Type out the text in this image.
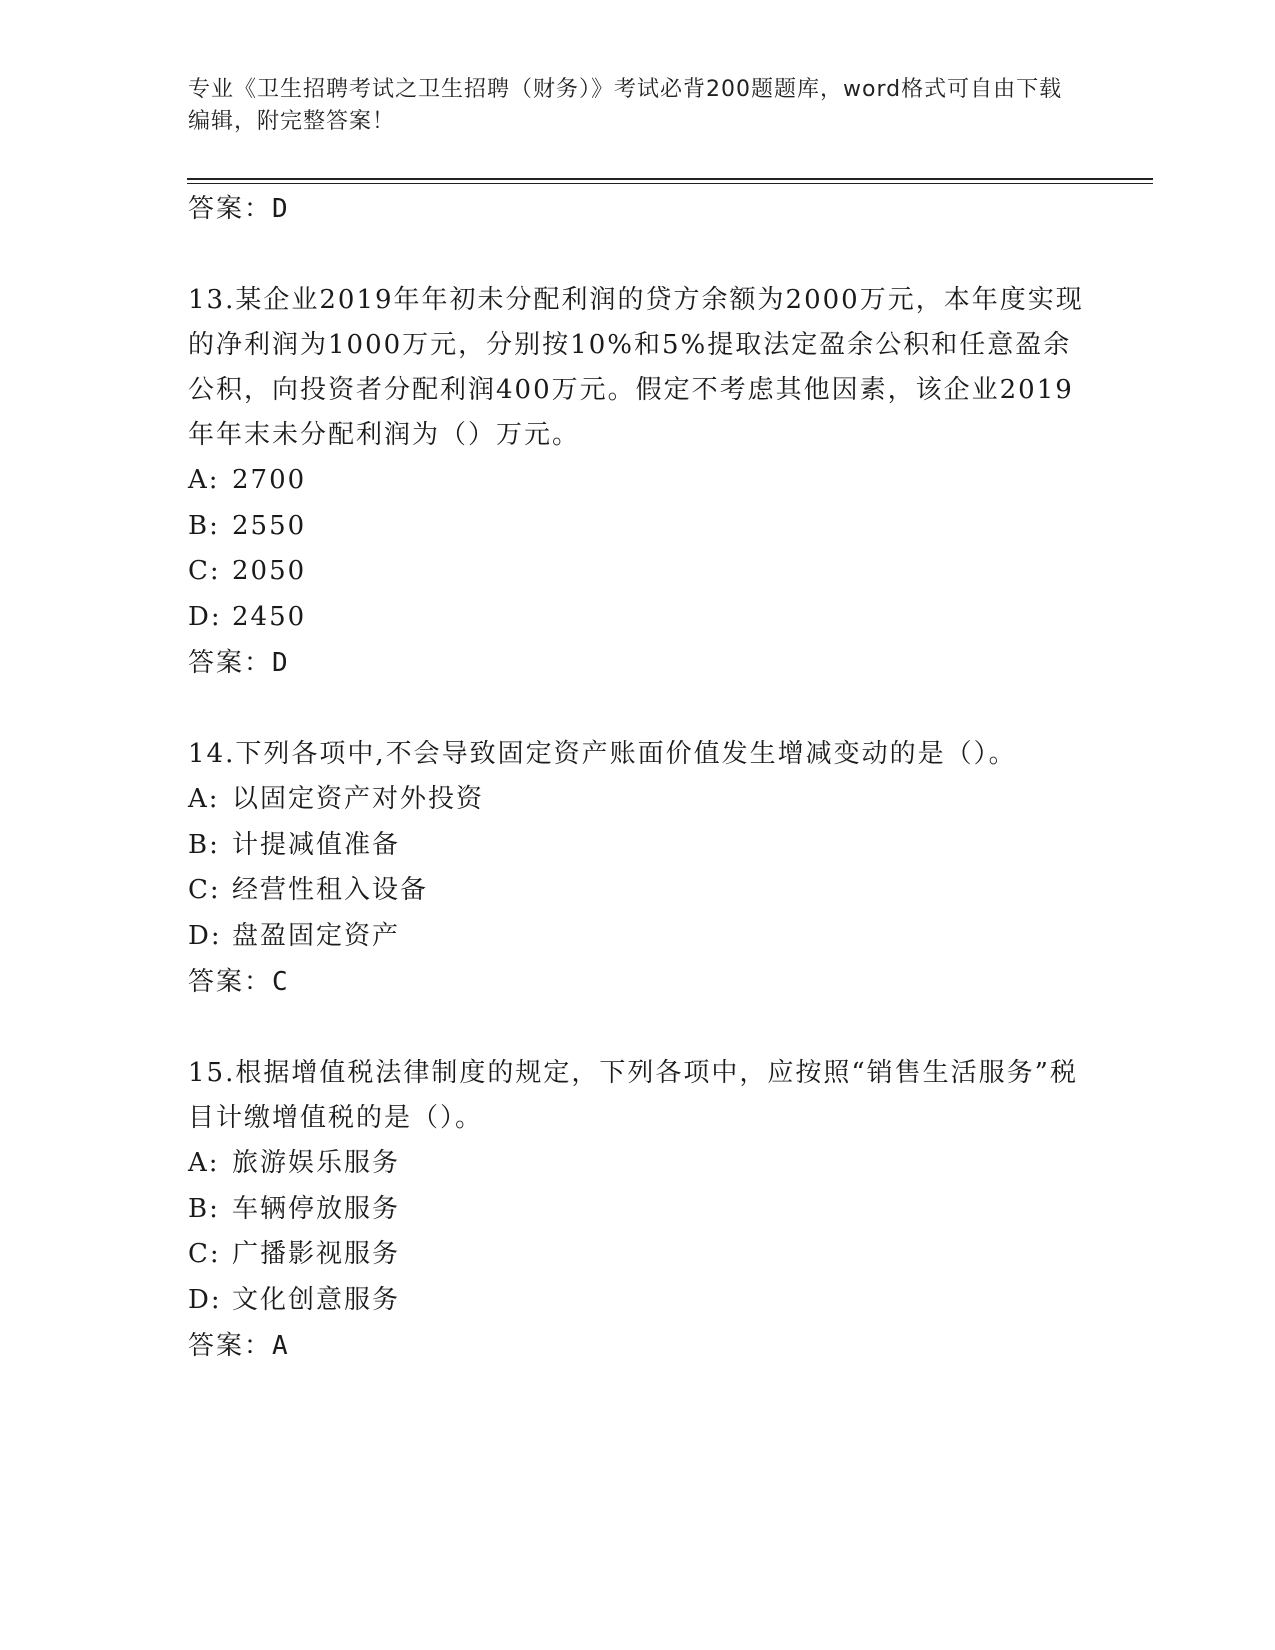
专业《卫生招聘考试之卫生招聘（财务）》考试必背200题题库，word格式可自由下载编辑，附完整答案！
答案：D

13.某企业2019年年初未分配利润的贷方余额为2000万元，本年度实现的净利润为1000万元，分别按10%和5%提取法定盈余公积和任意盈余公积，向投资者分配利润400万元。假定不考虑其他因素，该企业2019年年末未分配利润为（）万元。

A: 2700
B: 2550
C: 2050
D: 2450
答案：D

14.下列各项中,不会导致固定资产账面价值发生增减变动的是（）。

A: 以固定资产对外投资
B: 计提减值准备
C: 经营性租入设备
D: 盘盈固定资产
答案：C

15.根据增值税法律制度的规定，下列各项中，应按照“销售生活服务”税目计缴增值税的是（）。

A: 旅游娱乐服务
B: 车辆停放服务
C: 广播影视服务
D: 文化创意服务
答案：A
